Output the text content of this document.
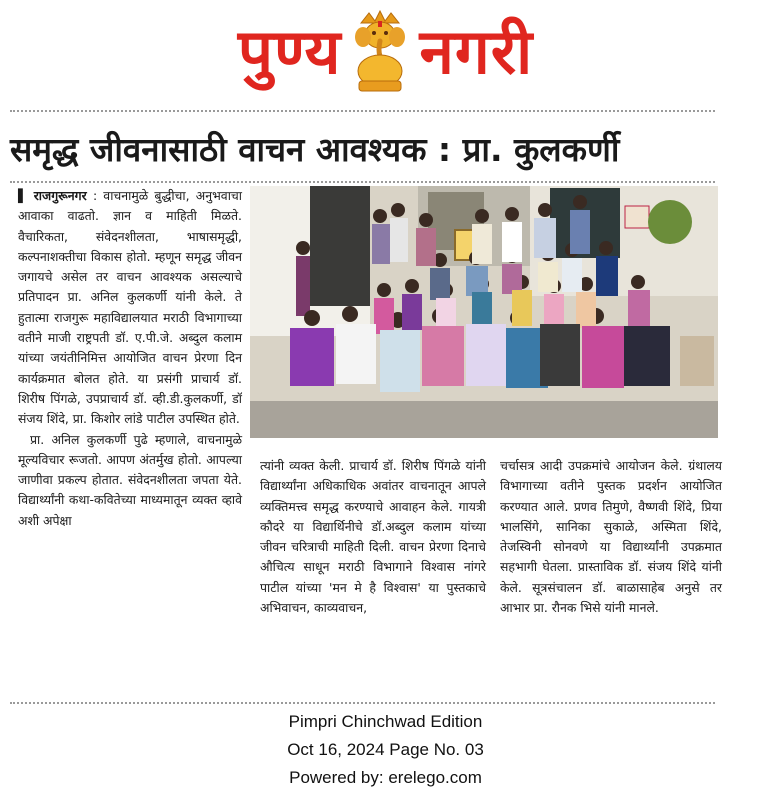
पुण्य नगरी
समृद्ध जीवनासाठी वाचन आवश्यक : प्रा. कुलकर्णी

▌ राजगुरूनगर : वाचनामुळे बुद्धीचा, अनुभवाचा आवाका वाढतो. ज्ञान व माहिती मिळते. वैचारिकता, संवेदनशीलता, भाषासमृद्धी, कल्पनाशक्तीचा विकास होतो. म्हणून समृद्ध जीवन जगायचे असेल तर वाचन आवश्यक असल्याचे प्रतिपादन प्रा. अनिल कुलकर्णी यांनी केले. ते हुतात्मा राजगुरू महाविद्यालयात मराठी विभागाच्या वतीने माजी राष्ट्रपती डॉ. ए.पी.जे. अब्दुल कलाम यांच्या जयंतीनिमित्त आयोजित वाचन प्रेरणा दिन कार्यक्रमात बोलत होते. या प्रसंगी प्राचार्य डॉ. शिरीष पिंगळे, उपप्राचार्य डॉ. व्ही.डी.कुलकर्णी, डॉ संजय शिंदे, प्रा. किशोर लांडे पाटील उपस्थित होते.

प्रा. अनिल कुलकर्णी पुढे म्हणाले, वाचनामुळे मूल्यविचार रूजतो. आपण अंतर्मुख होतो. आपल्या जाणीवा प्रकल्प होतात. संवेदनशीलता जपता येते. विद्यार्थ्यांनी कथा-कवितेच्या माध्यमातून व्यक्त व्हावे अशी अपेक्षा

त्यांनी व्यक्त केली. प्राचार्य डॉ. शिरीष पिंगळे यांनी विद्यार्थ्यांना अधिकाधिक अवांतर वाचनातून आपले व्यक्तिमत्त्व समृद्ध करण्याचे आवाहन केले. गायत्री कौदरे या विद्यार्थिनीचे डॉ.अब्दुल कलाम यांच्या जीवन चरित्राची माहिती दिली. वाचन प्रेरणा दिनाचे औचित्य साधून मराठी विभागाने विश्वास नांगरे पाटील यांच्या 'मन मे है विश्वास' या पुस्तकाचे अभिवाचन, काव्यवाचन,
चर्चासत्र आदी उपक्रमांचे आयोजन केले. ग्रंथालय विभागाच्या वतीने पुस्तक प्रदर्शन आयोजित करण्यात आले. प्रणव तिमुणे, वैष्णवी शिंदे, प्रिया भालसिंगे, सानिका सुकाळे, अस्मिता शिंदे, तेजस्विनी सोनवणे या विद्यार्थ्यांनी उपक्रमात सहभागी घेतला. प्रास्ताविक डॉ. संजय शिंदे यांनी केले. सूत्रसंचालन डॉ. बाळासाहेब अनुसे तर आभार प्रा. रौनक भिसे यांनी मानले.
Pimpri Chinchwad Edition
Oct 16, 2024 Page No. 03
Powered by: erelego.com
